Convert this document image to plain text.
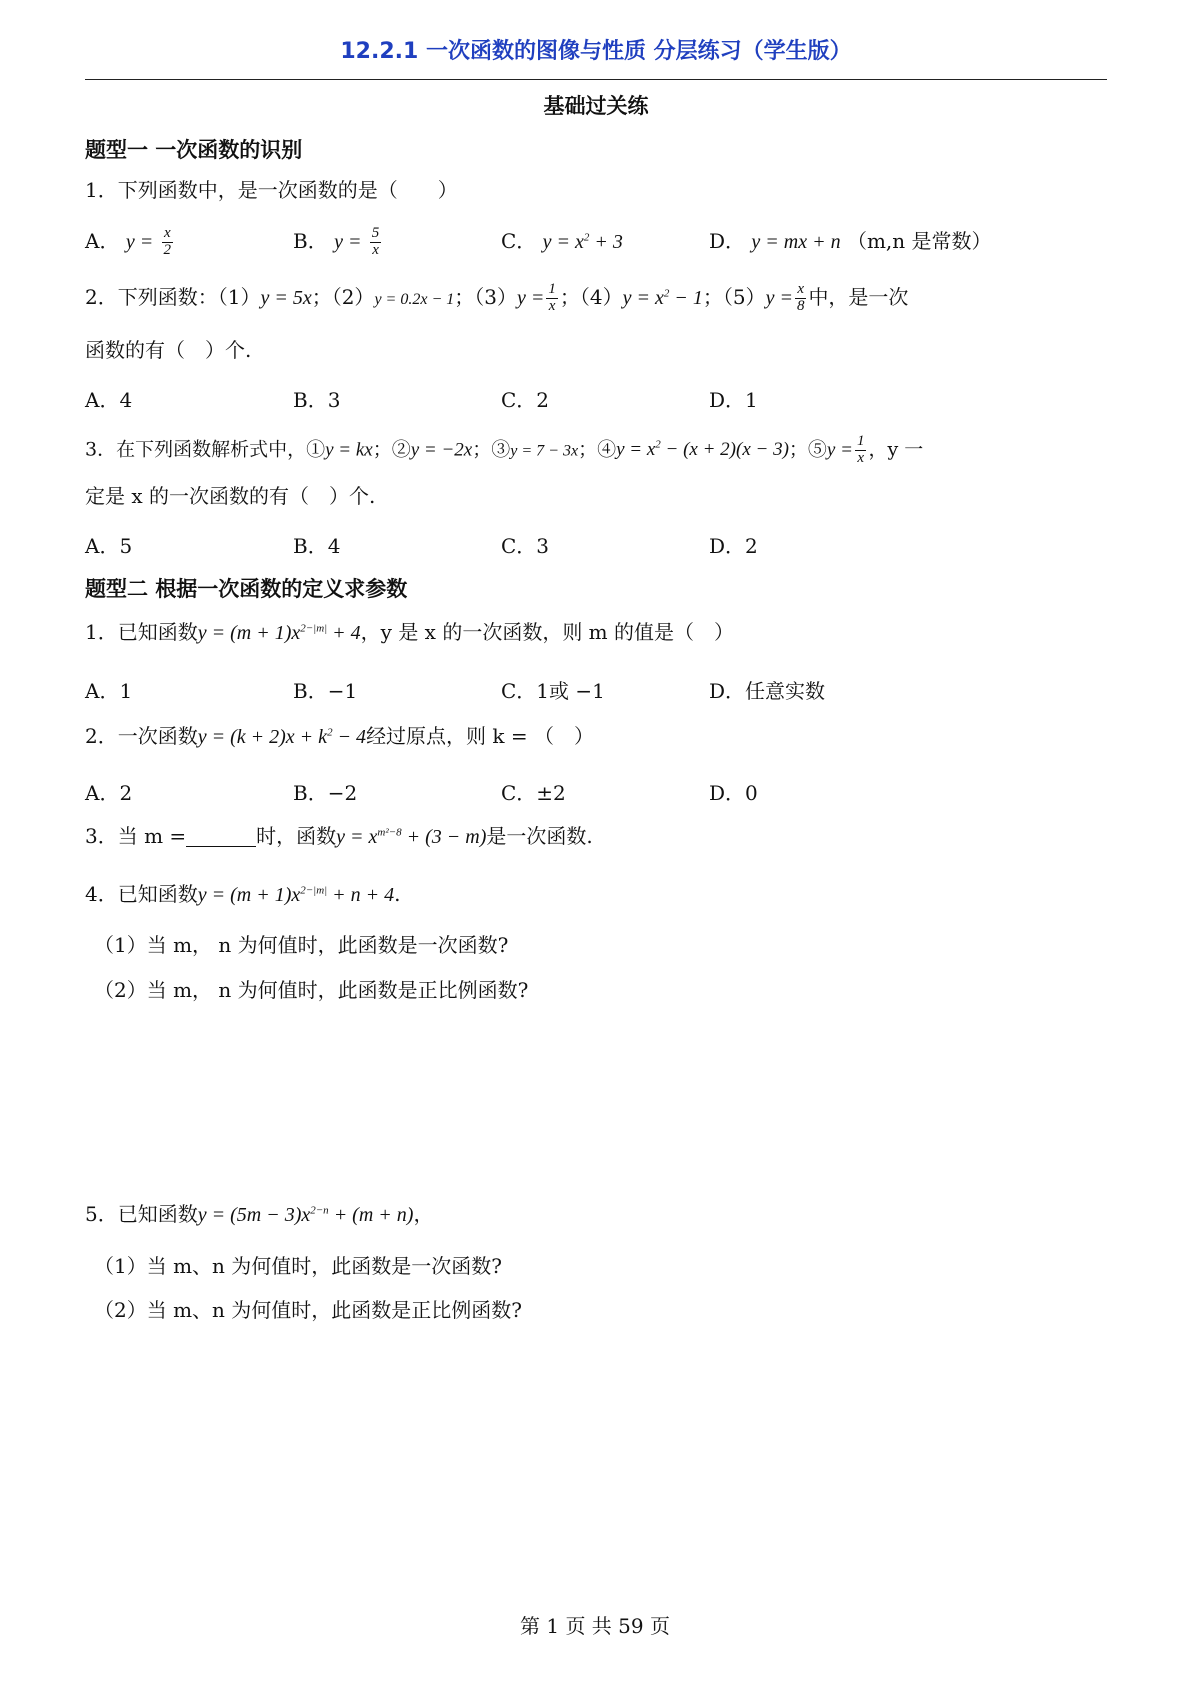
12.2.1 一次函数的图像与性质 分层练习（学生版）
基础过关练
题型一 一次函数的识别
1．下列函数中，是一次函数的是（　　）
A． $y = \frac{x}{2}$	B． $y = \frac{5}{x}$	C． $y = x^2 + 3$	D． y = mx + n （m,n 是常数）
2．下列函数：（1）y = 5x；（2）y = 0.2x − 1；$(3)y = \frac{1}{x}$ ；$(4)y = x^2 - 1$；$(5)y = \frac{x}{8}$ 中，是一次
函数的有（　）个.
A．4	B．3	C．2	D．1
3．在下列函数解析式中，①y = kx；②y = −2x；③y = 7 − 3x；④y = $x^2 - (x + 2)(x - 3)$；⑤y = $\frac{1}{x}$ ，y 一
定是 x 的一次函数的有（　）个.
A．5	B．4	C．3	D．2
题型二 根据一次函数的定义求参数
1．已知函数$y = (m + 1)x^{2-|m|} + 4$，y 是 x 的一次函数，则 m 的值是（　）
A．1	B．−1	C．1或 −1	D．任意实数
2．一次函数$y = (k + 2)x + k^2 - 4$经过原点，则 k = （　）
A．2	B．−2	C．±2	D．0
3．当 m =	时，函数$y = x^{m^2-8} + (3 - m)$是一次函数.
4．已知函数$y = (m + 1)x^{2-|m|} + n + 4$.
（1）当 m， n 为何值时，此函数是一次函数?
（2）当 m， n 为何值时，此函数是正比例函数?
5．已知函数$y = (5m - 3)x^{2-n} + (m + n)$，
（1）当 m、n 为何值时，此函数是一次函数?
（2）当 m、n 为何值时，此函数是正比例函数?
第 1 页 共 59 页
